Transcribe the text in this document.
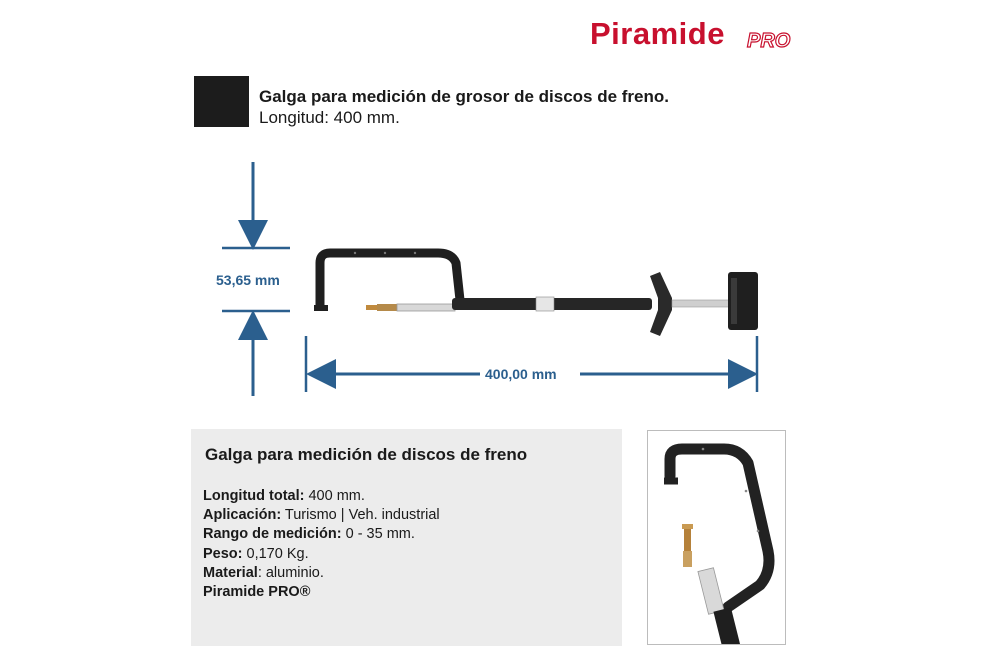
Piramide PRO
Galga para medición de grosor de discos de freno.
Longitud: 400 mm.
53,65 mm
400,00 mm
Galga para medición de discos de freno
Longitud total: 400 mm.
Aplicación: Turismo | Veh. industrial
Rango de medición: 0 - 35 mm.
Peso: 0,170 Kg.
Material: aluminio.
Piramide PRO®
